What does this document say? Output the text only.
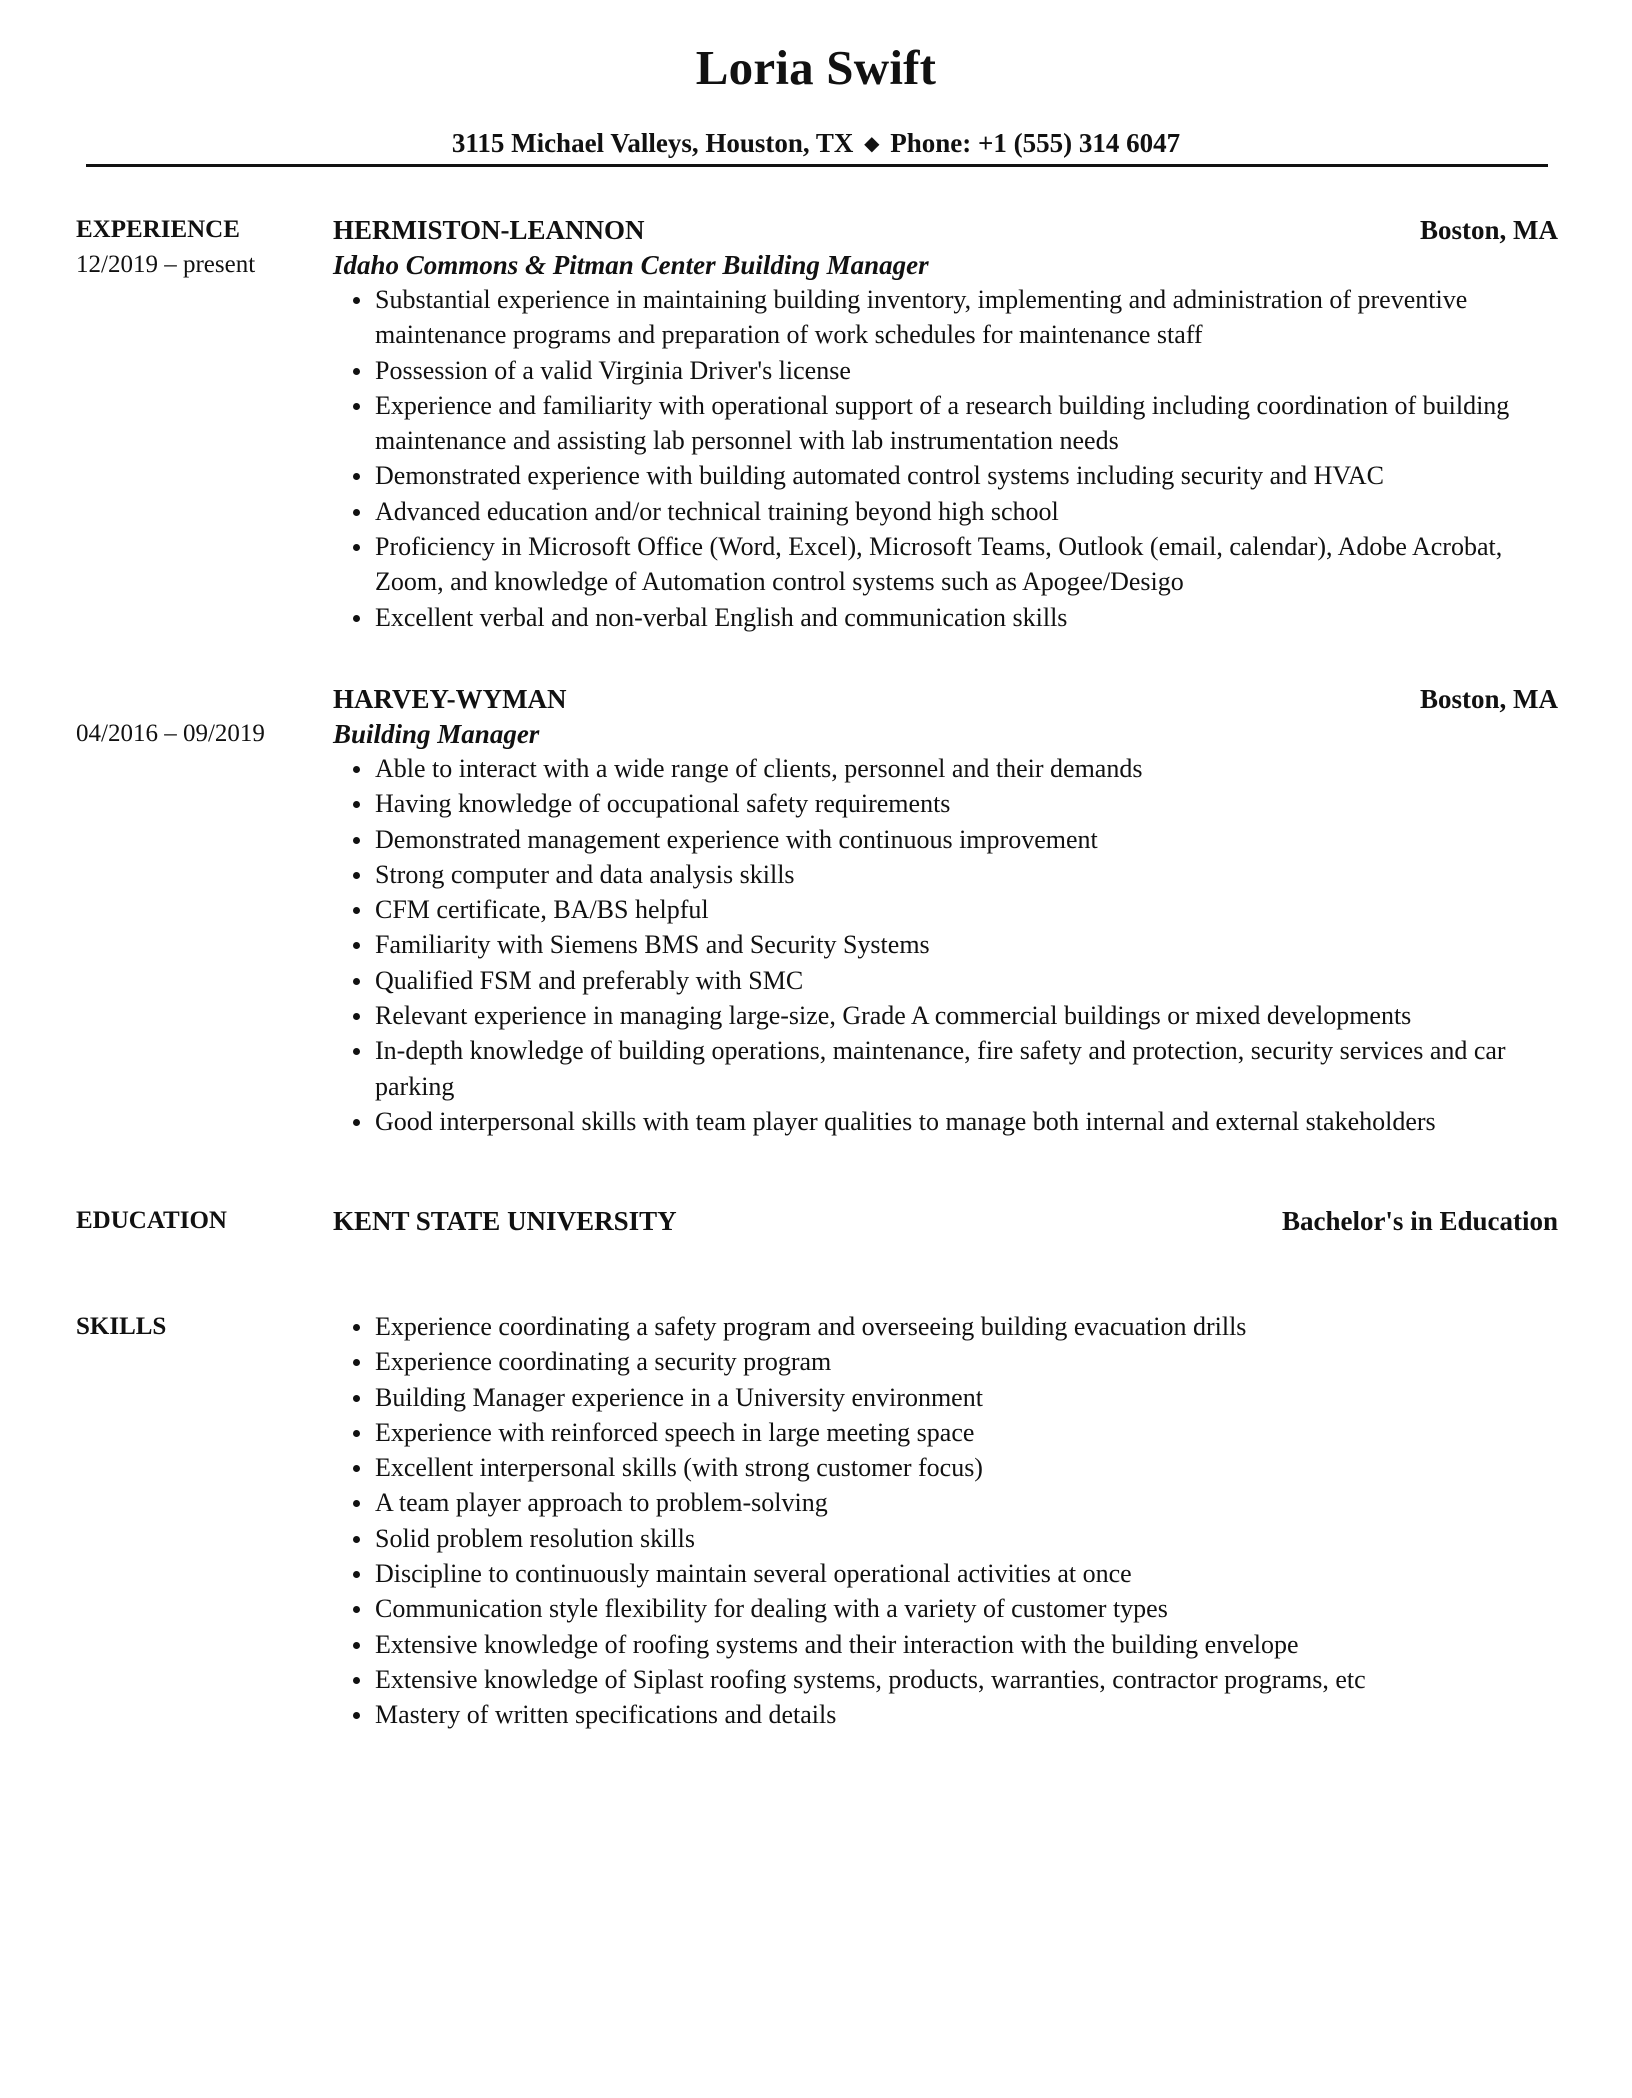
Loria Swift
3115 Michael Valleys, Houston, TX ◆ Phone: +1 (555) 314 6047
EXPERIENCE
12/2019 – present
HERMISTON-LEANNON	Boston, MA
Idaho Commons & Pitman Center Building Manager
Substantial experience in maintaining building inventory, implementing and administration of preventive maintenance programs and preparation of work schedules for maintenance staff
Possession of a valid Virginia Driver's license
Experience and familiarity with operational support of a research building including coordination of building maintenance and assisting lab personnel with lab instrumentation needs
Demonstrated experience with building automated control systems including security and HVAC
Advanced education and/or technical training beyond high school
Proficiency in Microsoft Office (Word, Excel), Microsoft Teams, Outlook (email, calendar), Adobe Acrobat, Zoom, and knowledge of Automation control systems such as Apogee/Desigo
Excellent verbal and non-verbal English and communication skills
04/2016 – 09/2019
HARVEY-WYMAN	Boston, MA
Building Manager
Able to interact with a wide range of clients, personnel and their demands
Having knowledge of occupational safety requirements
Demonstrated management experience with continuous improvement
Strong computer and data analysis skills
CFM certificate, BA/BS helpful
Familiarity with Siemens BMS and Security Systems
Qualified FSM and preferably with SMC
Relevant experience in managing large-size, Grade A commercial buildings or mixed developments
In-depth knowledge of building operations, maintenance, fire safety and protection, security services and car parking
Good interpersonal skills with team player qualities to manage both internal and external stakeholders
EDUCATION	KENT STATE UNIVERSITY	Bachelor's in Education
SKILLS	Experience coordinating a safety program and overseeing building evacuation drills
Experience coordinating a security program
Building Manager experience in a University environment
Experience with reinforced speech in large meeting space
Excellent interpersonal skills (with strong customer focus)
A team player approach to problem-solving
Solid problem resolution skills
Discipline to continuously maintain several operational activities at once
Communication style flexibility for dealing with a variety of customer types
Extensive knowledge of roofing systems and their interaction with the building envelope
Extensive knowledge of Siplast roofing systems, products, warranties, contractor programs, etc
Mastery of written specifications and details
